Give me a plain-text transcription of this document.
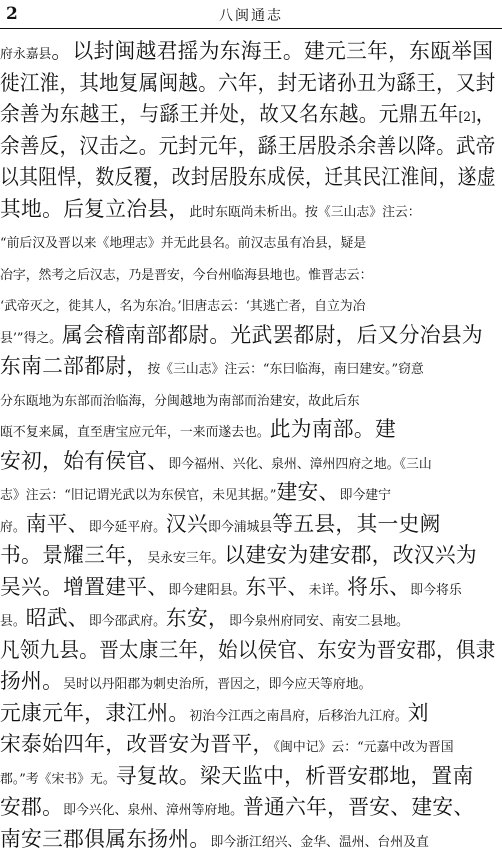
2	八闽通志
府永嘉县。以封闽越君摇为东海王。建元三年，东瓯举国
徙江淮，其地复属闽越。六年，封无诸孙丑为繇王，又封
余善为东越王，与繇王并处，故又名东越。元鼎五年[2]，
余善反，汉击之。元封元年，繇王居股杀余善以降。武帝
以其阻悍，数反覆，改封居股东成侯，迁其民江淮间，遂虚
其地。后复立冶县，此时东瓯尚未析出。按《三山志》注云：
“前后汉及晋以来《地理志》并无此县名。前汉志虽有冶县，疑是
冶字，然考之后汉志，乃是晋安，今台州临海县地也。惟晋志云：
‘武帝灭之，徙其人，名为东冶。’旧唐志云：‘其逃亡者，自立为冶
县’”得之。属会稽南部都尉。光武罢都尉，后又分冶县为
东南二部都尉，按《三山志》注云：“东曰临海，南曰建安。”窃意
分东瓯地为东部而治临海，分闽越地为南部而治建安，故此后东
瓯不复来属，直至唐宝应元年，一来而遂去也。此为南部。建
安初，始有侯官、即今福州、兴化、泉州、漳州四府之地。《三山
志》注云：“旧记谓光武以为东侯官，未见其据。”建安、即今建宁
府。南平、即今延平府。汉兴即今浦城县等五县，其一史阙
书。景耀三年，吴永安三年。以建安为建安郡，改汉兴为
吴兴。增置建平、即今建阳县。东平、未详。将乐、即今将乐
县。昭武、即今邵武府。东安，即今泉州府同安、南安二县地。
凡领九县。晋太康三年，始以侯官、东安为晋安郡，俱隶
扬州。吴时以丹阳郡为刺史治所，晋因之，即今应天等府地。
元康元年，隶江州。初治今江西之南昌府，后移治九江府。刘
宋泰始四年，改晋安为晋平，《闽中记》云：“元嘉中改为晋国
郡。”考《宋书》无。寻复故。梁天监中，析晋安郡地，置南
安郡。即今兴化、泉州、漳州等府地。普通六年，晋安、建安、
南安三郡俱属东扬州。即今浙江绍兴、金华、温州、台州及直
